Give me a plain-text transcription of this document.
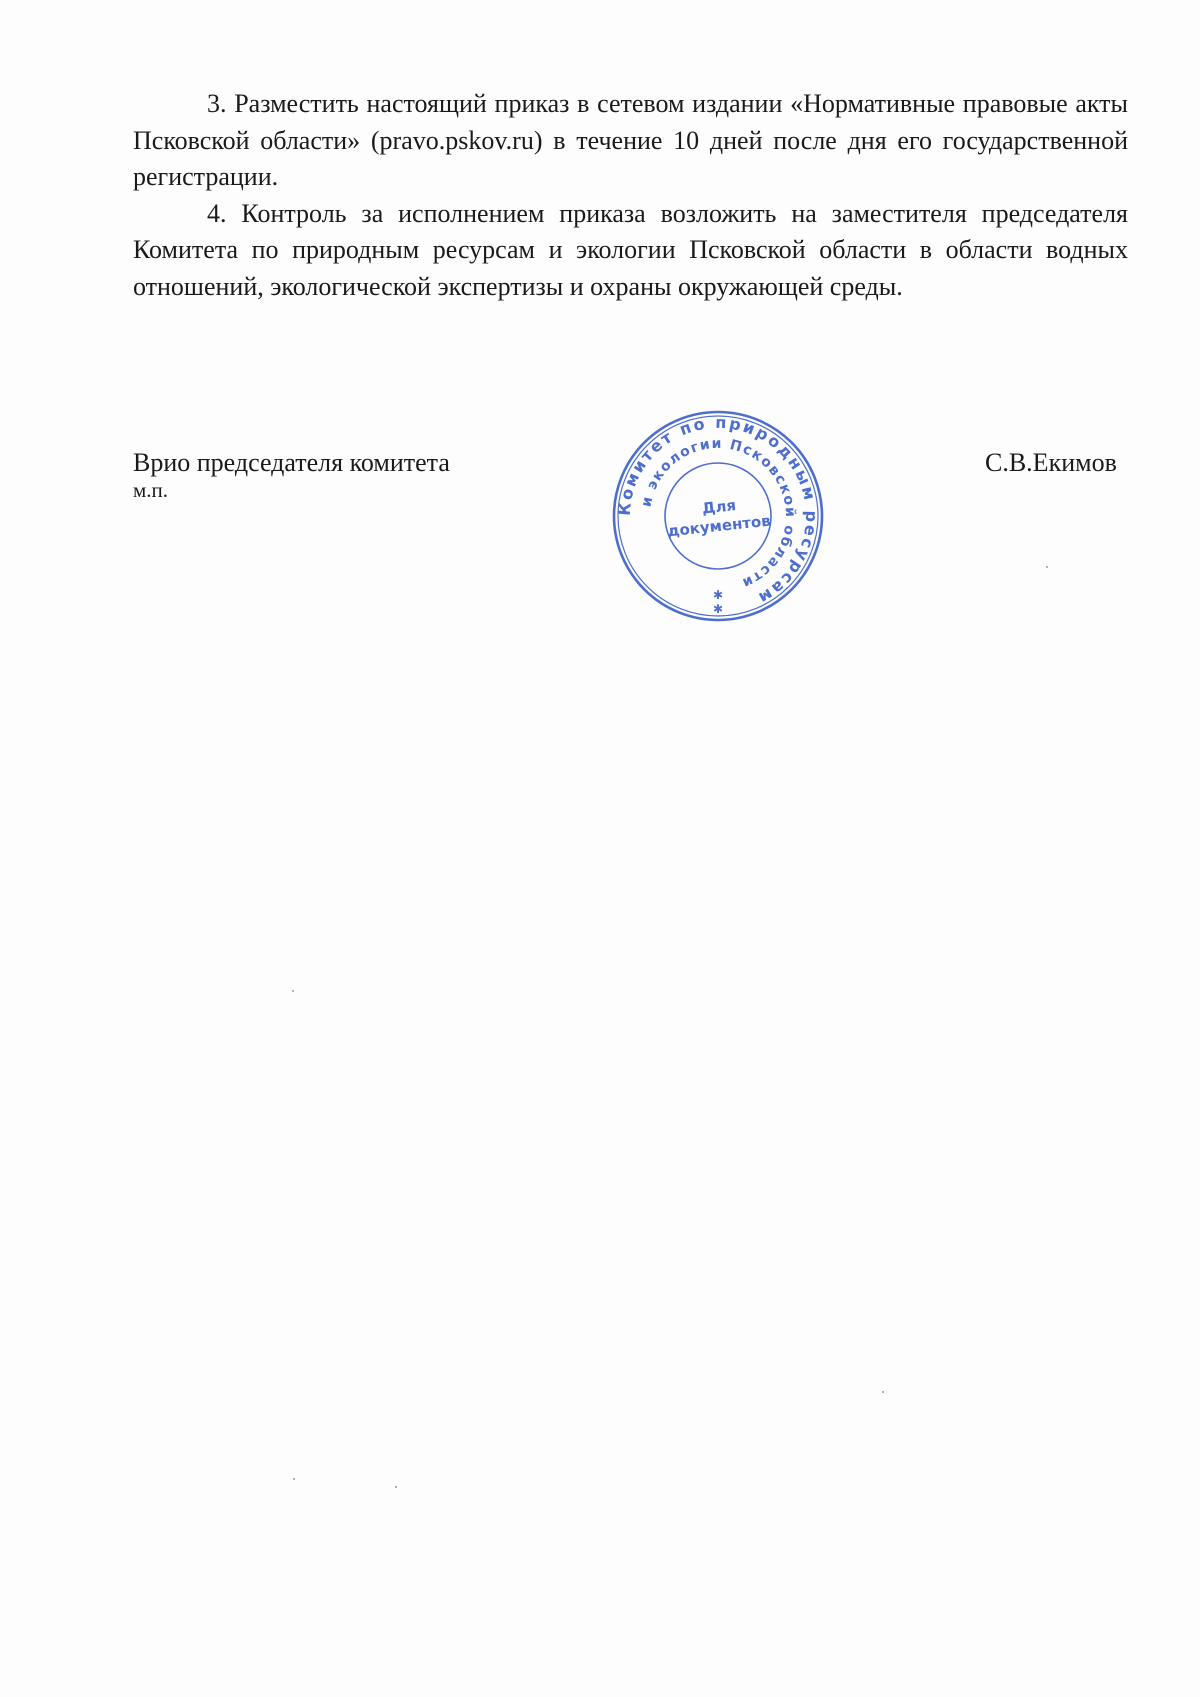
3. Разместить настоящий приказ в сетевом издании «Нормативные правовые акты Псковской области» (pravo.pskov.ru) в течение 10 дней после дня его государственной регистрации.

4. Контроль за исполнением приказа возложить на заместителя председателя Комитета по природным ресурсам и экологии Псковской области в области водных отношений, экологической экспертизы и охраны окружающей среды.

Врио председателя комитета
м.п.
С.В.Екимов
Комитет по природным ресурсам
и экологии Псковской области
Для
документов
✱
✱
